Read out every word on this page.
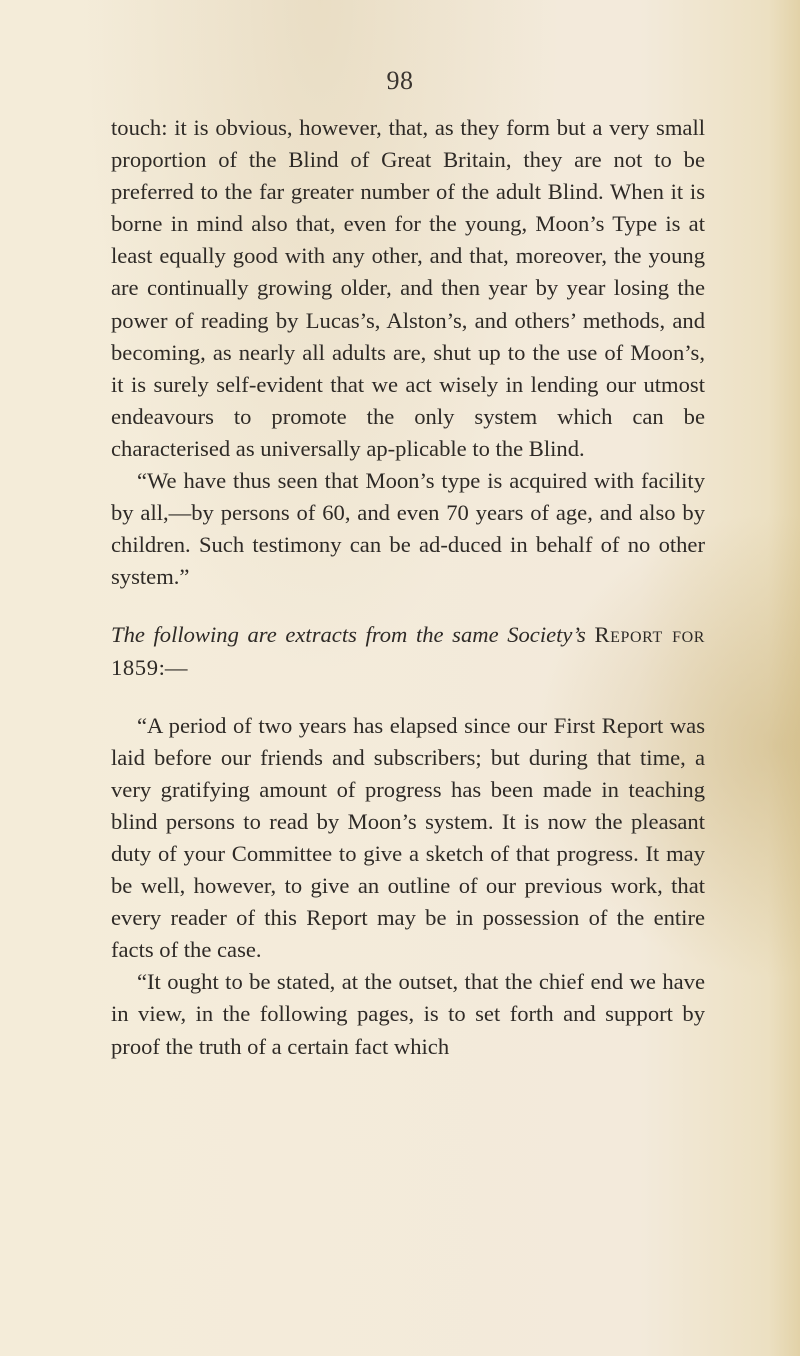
98

touch: it is obvious, however, that, as they form but a very small proportion of the Blind of Great Britain, they are not to be preferred to the far greater number of the adult Blind. When it is borne in mind also that, even for the young, Moon’s Type is at least equally good with any other, and that, moreover, the young are continually growing older, and then year by year losing the power of reading by Lucas’s, Alston’s, and others’ methods, and becoming, as nearly all adults are, shut up to the use of Moon’s, it is surely self-evident that we act wisely in lending our utmost endeavours to promote the only system which can be characterised as universally ap-plicable to the Blind.

“We have thus seen that Moon’s type is acquired with facility by all,—by persons of 60, and even 70 years of age, and also by children. Such testimony can be ad-duced in behalf of no other system.”

The following are extracts from the same Society’s Report for 1859:—

“A period of two years has elapsed since our First Report was laid before our friends and subscribers; but during that time, a very gratifying amount of progress has been made in teaching blind persons to read by Moon’s system. It is now the pleasant duty of your Committee to give a sketch of that progress. It may be well, however, to give an outline of our previous work, that every reader of this Report may be in possession of the entire facts of the case.

“It ought to be stated, at the outset, that the chief end we have in view, in the following pages, is to set forth and support by proof the truth of a certain fact which
